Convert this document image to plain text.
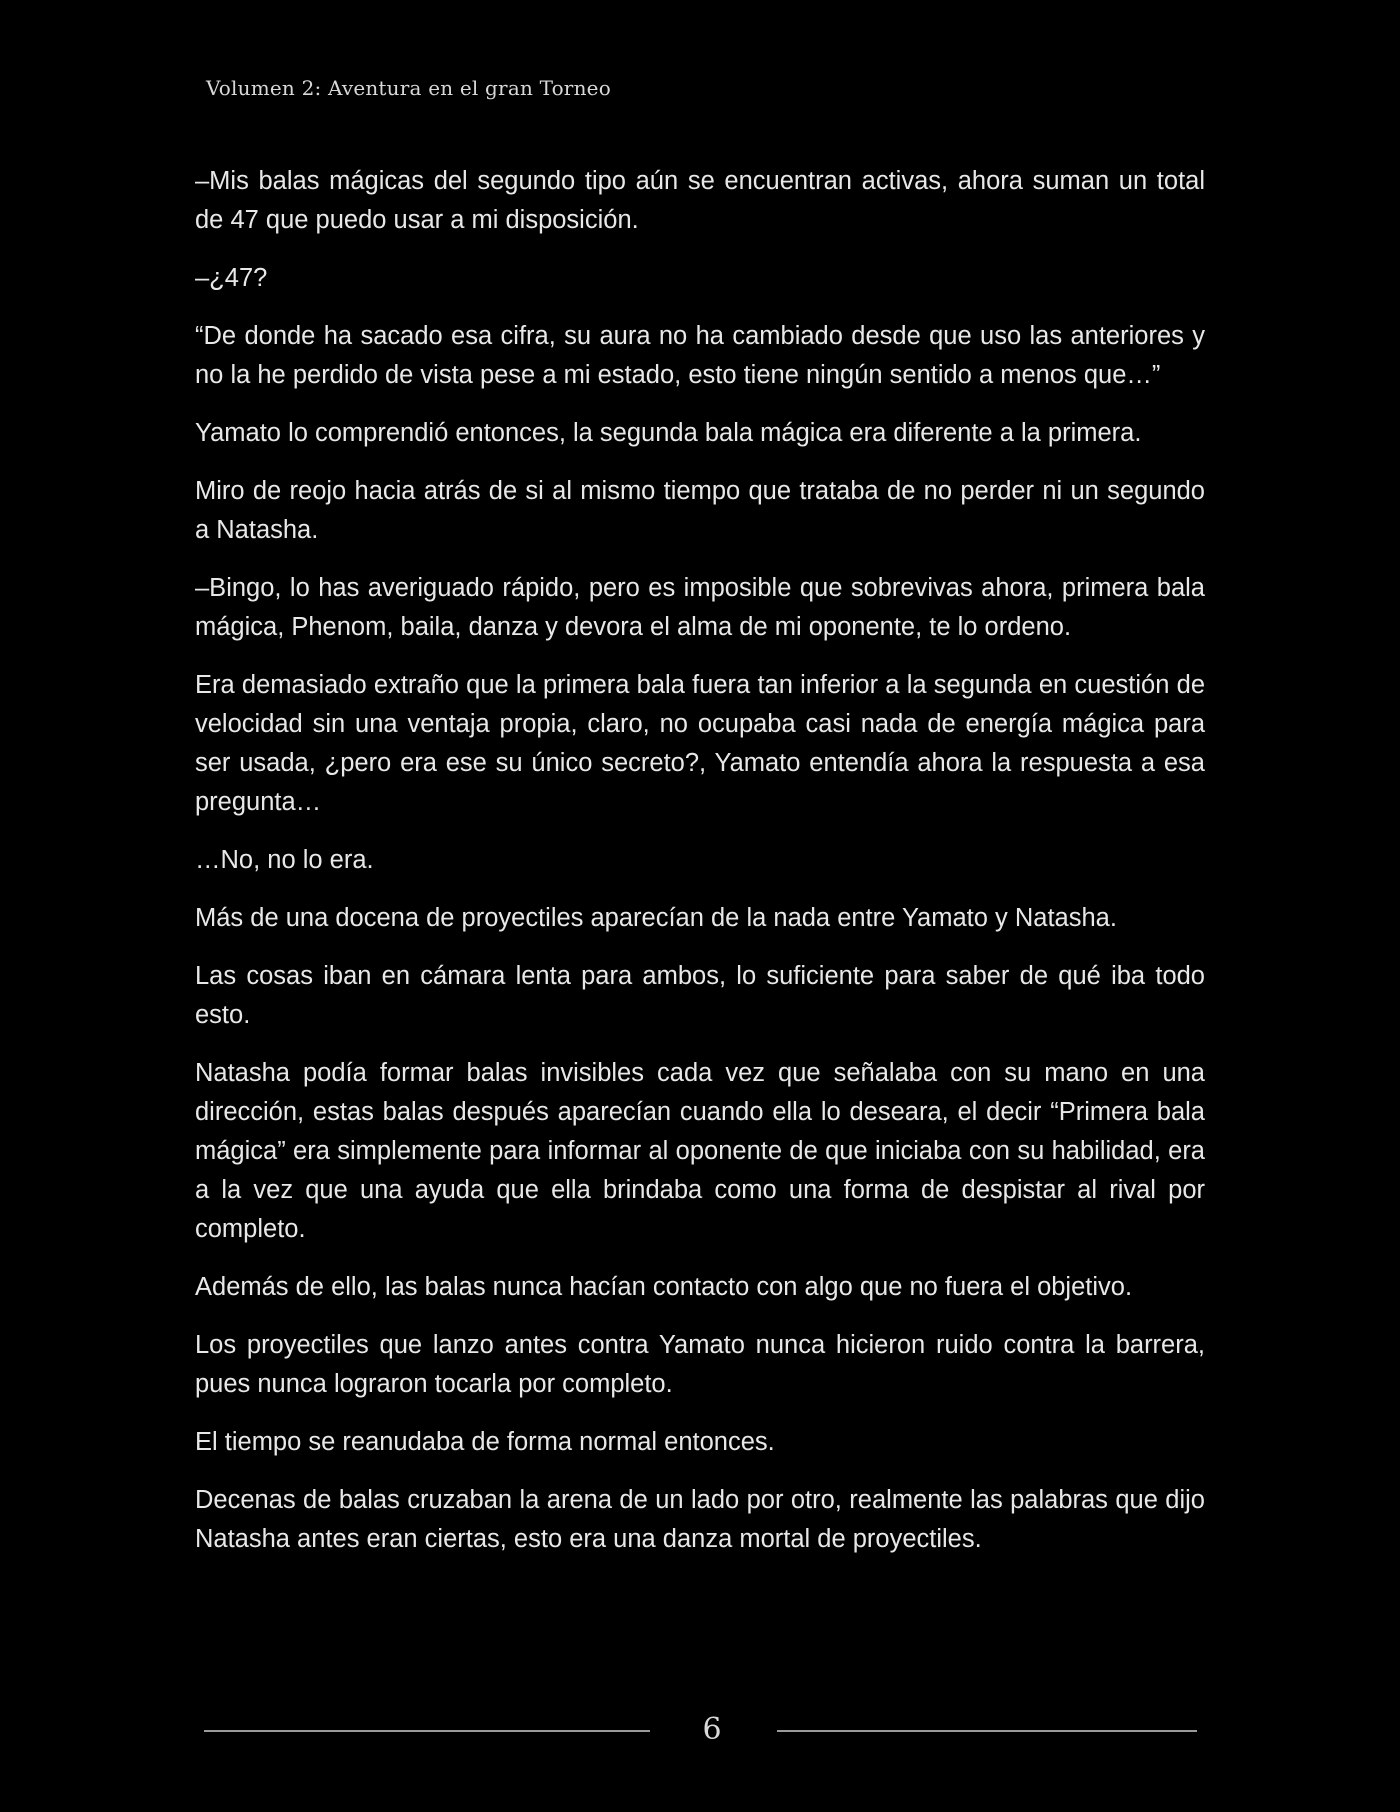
Volumen 2: Aventura en el gran Torneo

–Mis balas mágicas del segundo tipo aún se encuentran activas, ahora suman un total de 47 que puedo usar a mi disposición.

–¿47?

“De donde ha sacado esa cifra, su aura no ha cambiado desde que uso las anteriores y no la he perdido de vista pese a mi estado, esto tiene ningún sentido a menos que…”

Yamato lo comprendió entonces, la segunda bala mágica era diferente a la primera.

Miro de reojo hacia atrás de si al mismo tiempo que trataba de no perder ni un segundo a Natasha.

–Bingo, lo has averiguado rápido, pero es imposible que sobrevivas ahora, primera bala mágica, Phenom, baila, danza y devora el alma de mi oponente, te lo ordeno.

Era demasiado extraño que la primera bala fuera tan inferior a la segunda en cuestión de velocidad sin una ventaja propia, claro, no ocupaba casi nada de energía mágica para ser usada, ¿pero era ese su único secreto?, Yamato entendía ahora la respuesta a esa pregunta…

…No, no lo era.

Más de una docena de proyectiles aparecían de la nada entre Yamato y Natasha.

Las cosas iban en cámara lenta para ambos, lo suficiente para saber de qué iba todo esto.

Natasha podía formar balas invisibles cada vez que señalaba con su mano en una dirección, estas balas después aparecían cuando ella lo deseara, el decir “Primera bala mágica” era simplemente para informar al oponente de que iniciaba con su habilidad, era a la vez que una ayuda que ella brindaba como una forma de despistar al rival por completo.

Además de ello, las balas nunca hacían contacto con algo que no fuera el objetivo.

Los proyectiles que lanzo antes contra Yamato nunca hicieron ruido contra la barrera, pues nunca lograron tocarla por completo.

El tiempo se reanudaba de forma normal entonces.

Decenas de balas cruzaban la arena de un lado por otro, realmente las palabras que dijo Natasha antes eran ciertas, esto era una danza mortal de proyectiles.

6
